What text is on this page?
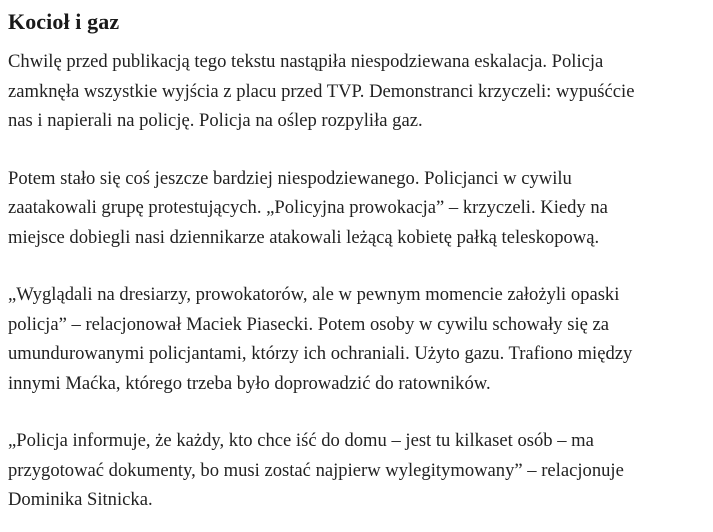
Kocioł i gaz

Chwilę przed publikacją tego tekstu nastąpiła niespodziewana eskalacja. Policja
zamknęła wszystkie wyjścia z placu przed TVP. Demonstranci krzyczeli: wypuśćcie
nas i napierali na policję. Policja na oślep rozpyliła gaz.

Potem stało się coś jeszcze bardziej niespodziewanego. Policjanci w cywilu
zaatakowali grupę protestujących. „Policyjna prowokacja” – krzyczeli. Kiedy na
miejsce dobiegli nasi dziennikarze atakowali leżącą kobietę pałką teleskopową.

„Wyglądali na dresiarzy, prowokatorów, ale w pewnym momencie założyli opaski
policja” – relacjonował Maciek Piasecki. Potem osoby w cywilu schowały się za
umundurowanymi policjantami, którzy ich ochraniali. Użyto gazu. Trafiono między
innymi Maćka, którego trzeba było doprowadzić do ratowników.

„Policja informuje, że każdy, kto chce iść do domu – jest tu kilkaset osób – ma
przygotować dokumenty, bo musi zostać najpierw wylegitymowany” – relacjonuje
Dominika Sitnicka.
